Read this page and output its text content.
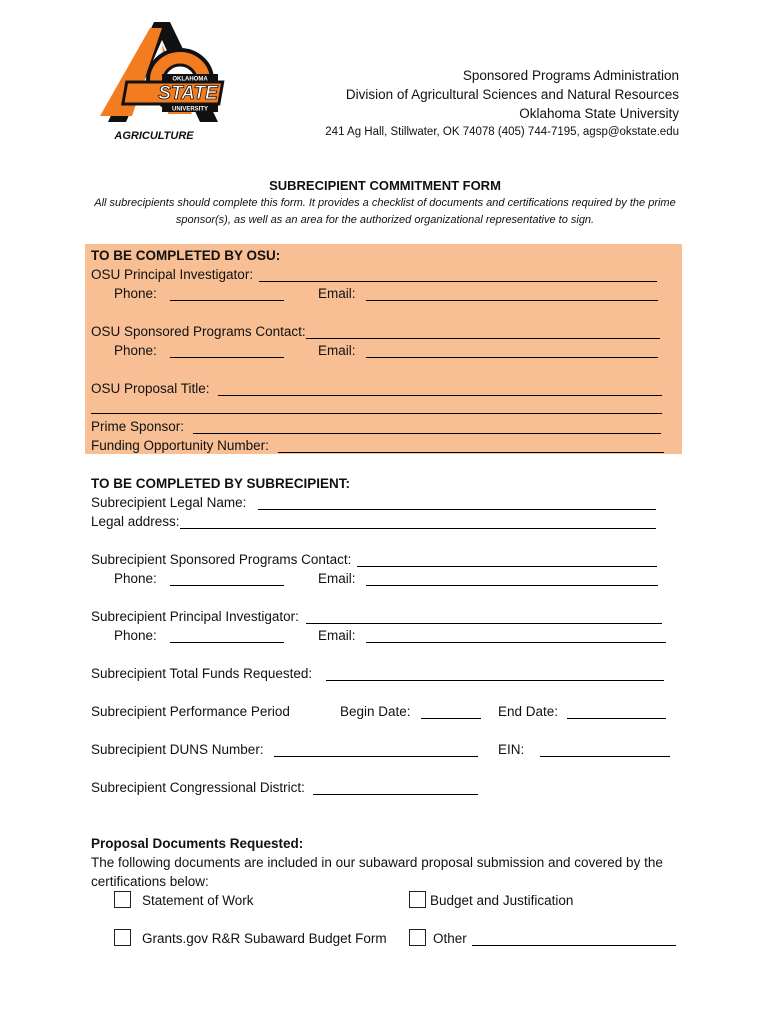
OKLAHOMA
STATE
UNIVERSITY
AGRICULTURE
Sponsored Programs Administration
Division of Agricultural Sciences and Natural Resources
Oklahoma State University
241 Ag Hall, Stillwater, OK 74078 (405) 744-7195, agsp@okstate.edu
SUBRECIPIENT COMMITMENT FORM
All subrecipients should complete this form. It provides a checklist of documents and certifications required by the prime sponsor(s), as well as an area for the authorized organizational representative to sign.
TO BE COMPLETED BY OSU:
OSU Principal Investigator:
Phone:	Email:
OSU Sponsored Programs Contact:
Phone:	Email:
OSU Proposal Title:
Prime Sponsor:
Funding Opportunity Number:
TO BE COMPLETED BY SUBRECIPIENT:
Subrecipient Legal Name:
Legal address:
Subrecipient Sponsored Programs Contact:
Phone:	Email:
Subrecipient Principal Investigator:
Phone:	Email:
Subrecipient Total Funds Requested:
Subrecipient Performance Period	Begin Date:	End Date:
Subrecipient DUNS Number:	EIN:
Subrecipient Congressional District:
Proposal Documents Requested:
The following documents are included in our subaward proposal submission and covered by the certifications below:
Statement of Work	Budget and Justification
Grants.gov R&R Subaward Budget Form	Other
